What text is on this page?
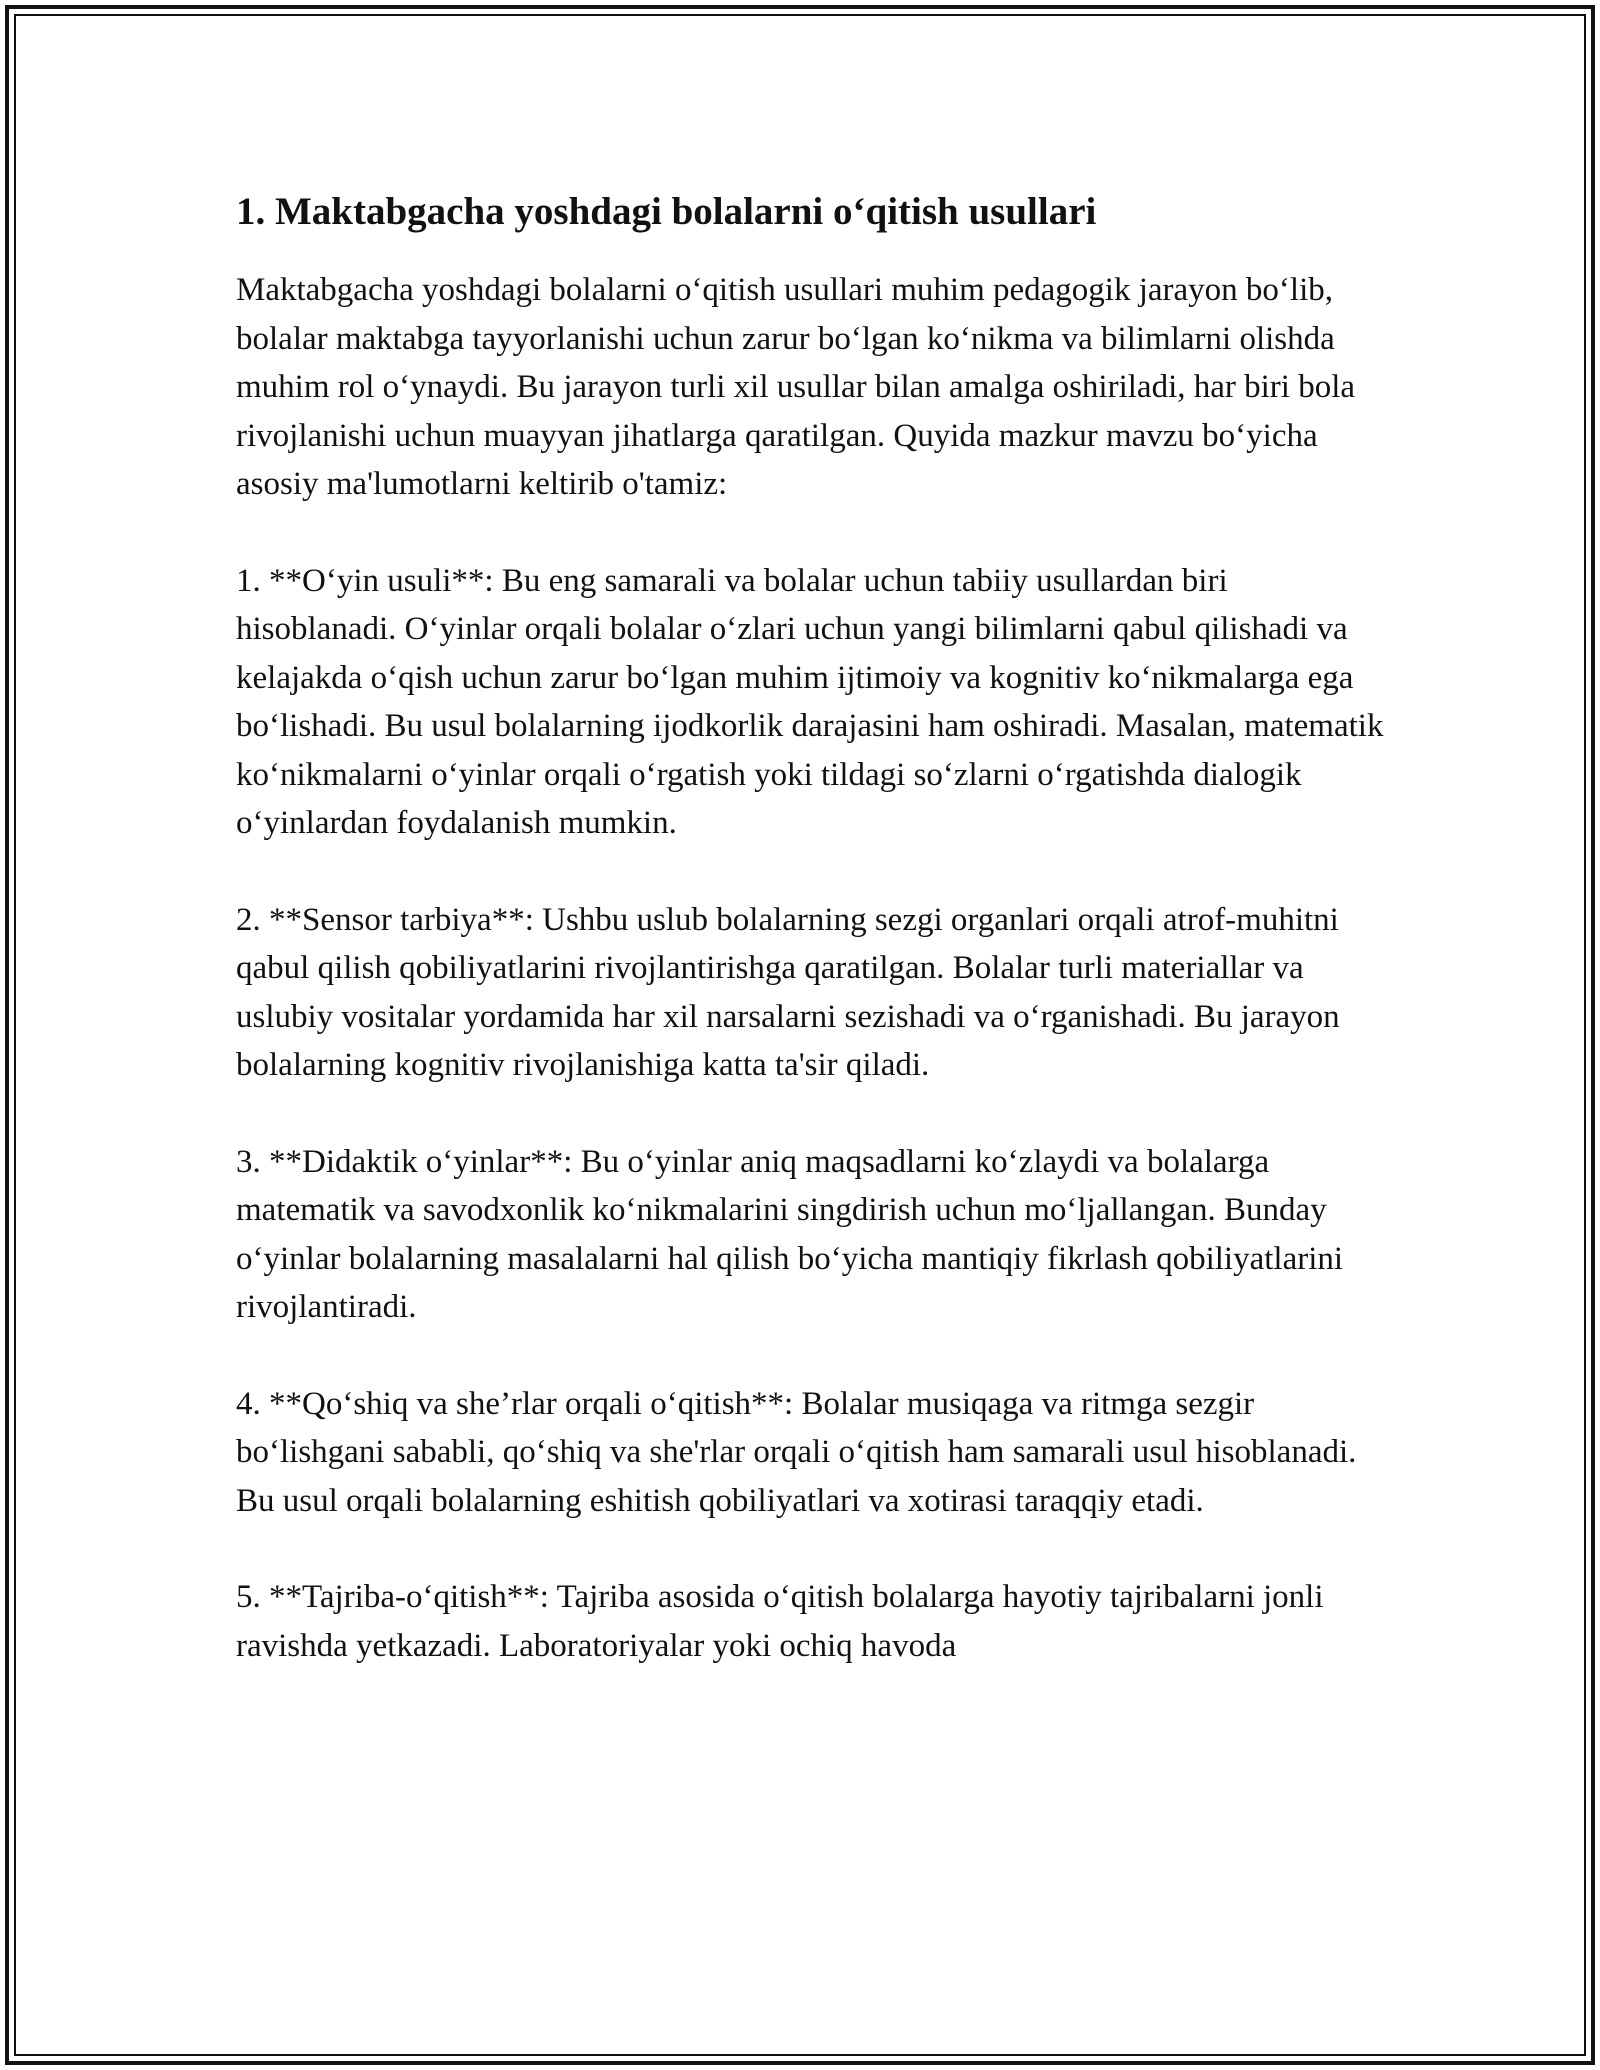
1. Maktabgacha yoshdagi bolalarni o‘qitish usullari

Maktabgacha yoshdagi bolalarni o‘qitish usullari muhim pedagogik jarayon bo‘lib, bolalar maktabga tayyorlanishi uchun zarur bo‘lgan ko‘nikma va bilimlarni olishda muhim rol o‘ynaydi. Bu jarayon turli xil usullar bilan amalga oshiriladi, har biri bola rivojlanishi uchun muayyan jihatlarga qaratilgan. Quyida mazkur mavzu bo‘yicha asosiy ma'lumotlarni keltirib o'tamiz:

1. **O‘yin usuli**: Bu eng samarali va bolalar uchun tabiiy usullardan biri hisoblanadi. O‘yinlar orqali bolalar o‘zlari uchun yangi bilimlarni qabul qilishadi va kelajakda o‘qish uchun zarur bo‘lgan muhim ijtimoiy va kognitiv ko‘nikmalarga ega bo‘lishadi. Bu usul bolalarning ijodkorlik darajasini ham oshiradi. Masalan, matematik ko‘nikmalarni o‘yinlar orqali o‘rgatish yoki tildagi so‘zlarni o‘rgatishda dialogik o‘yinlardan foydalanish mumkin.

2. **Sensor tarbiya**: Ushbu uslub bolalarning sezgi organlari orqali atrof-muhitni qabul qilish qobiliyatlarini rivojlantirishga qaratilgan. Bolalar turli materiallar va uslubiy vositalar yordamida har xil narsalarni sezishadi va o‘rganishadi. Bu jarayon bolalarning kognitiv rivojlanishiga katta ta'sir qiladi.

3. **Didaktik o‘yinlar**: Bu o‘yinlar aniq maqsadlarni ko‘zlaydi va bolalarga matematik va savodxonlik ko‘nikmalarini singdirish uchun mo‘ljallangan. Bunday o‘yinlar bolalarning masalalarni hal qilish bo‘yicha mantiqiy fikrlash qobiliyatlarini rivojlantiradi.

4. **Qo‘shiq va she’rlar orqali o‘qitish**: Bolalar musiqaga va ritmga sezgir bo‘lishgani sababli, qo‘shiq va she'rlar orqali o‘qitish ham samarali usul hisoblanadi. Bu usul orqali bolalarning eshitish qobiliyatlari va xotirasi taraqqiy etadi.

5. **Tajriba-o‘qitish**: Tajriba asosida o‘qitish bolalarga hayotiy tajribalarni jonli ravishda yetkazadi. Laboratoriyalar yoki ochiq havoda
